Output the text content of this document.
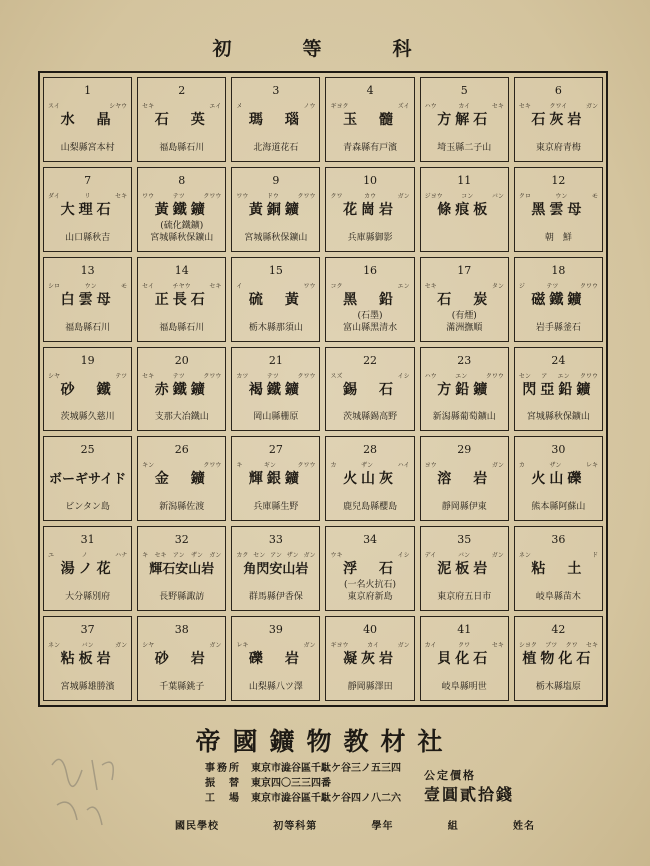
初　等　科
1
スイ	シヤウ
水　晶
山梨縣宮本村
2
セキ	エイ
石　英
福島縣石川
3
メ	ノウ
瑪　瑙
北海道花石
4
ギヨク	ズイ
玉　髓
青森縣有戸濱
5
ハウ	カイ	セキ
方解石
埼玉縣二子山
6
セキ	クワイ	ガン
石灰岩
東京府青梅
7
ダイ	リ	セキ
大理石
山口縣秋吉
8
ワウ	テツ	クワウ
黃鐵鑛
(硫化鐵鑛)
宮城縣秋保鑛山
9
ワウ	ドウ	クワウ
黃銅鑛
宮城縣秋保鑛山
10
クワ	カウ	ガン
花崗岩
兵庫縣御影
11
ジヨウ	コン	バン
條痕板
12
クロ	ウン	モ
黑雲母
朝　鮮
13
シロ	ウン	モ
白雲母
福島縣石川
14
セイ	チヤウ	セキ
正長石
福島縣石川
15
イ	ワウ
硫　黃
栃木縣那須山
16
コク	エン
黑　鉛
(石墨)
富山縣黑清水
17
セキ	タン
石　炭
(有煙)
滿洲撫順
18
ジ	テツ	クワウ
磁鐵鑛
岩手縣釜石
19
シヤ	テツ
砂　鐵
茨城縣久慈川
20
セキ	テツ	クワウ
赤鐵鑛
支那大冶鐵山
21
カツ	テツ	クワウ
褐鐵鑛
岡山縣栅原
22
スズ	イシ
錫　石
茨城縣錫高野
23
ハウ	エン	クワウ
方鉛鑛
新潟縣葡萄鑛山
24
セン ア エン クワウ
閃亞鉛鑛
宮城縣秋保鑛山
25
ボーギサイド
ビンタン島
26
キン	クワウ
金　鑛
新潟縣佐渡
27
キ	ギン	クワウ
輝銀鑛
兵庫縣生野
28
カ	ザン	ハイ
火山灰
鹿兒島縣櫻島
29
ヨウ	ガン
溶　岩
靜岡縣伊東
30
カ	ザン	レキ
火山礫
熊本縣阿蘇山
31
ユ	ノ	ハナ
湯ノ花
大分縣別府
32
キ セキ アン ザン ガン
輝石安山岩
長野縣諏訪
33
カク セン アン ザン ガン
角閃安山岩
群馬縣伊香保
34
ウキ	イシ
浮　石
(一名火抗石)
東京府新島
35
デイ	バン	ガン
泥板岩
東京府五日市
36
ネン	ド
粘　土
岐阜縣苗木
37
ネン	バン	ガン
粘板岩
宮城縣雄勝濱
38
シヤ	ガン
砂　岩
千葉縣銚子
39
レキ	ガン
礫　岩
山梨縣八ツ澤
40
ギヨウ	カイ	ガン
凝灰岩
靜岡縣澤田
41
カイ	クワ	セキ
貝化石
岐阜縣明世
42
シヨク ブツ クワ セキ
植物化石
栃木縣塩原
帝國鑛物教材社
事務所 東京市澁谷區千駄ケ谷三ノ五三四
振　替 東京四〇三三四番
工　場 東京市澁谷區千駄ケ谷四ノ八二六
公定價格
壹圓貳拾錢
國民學校	初等科第	學年	組	姓名
